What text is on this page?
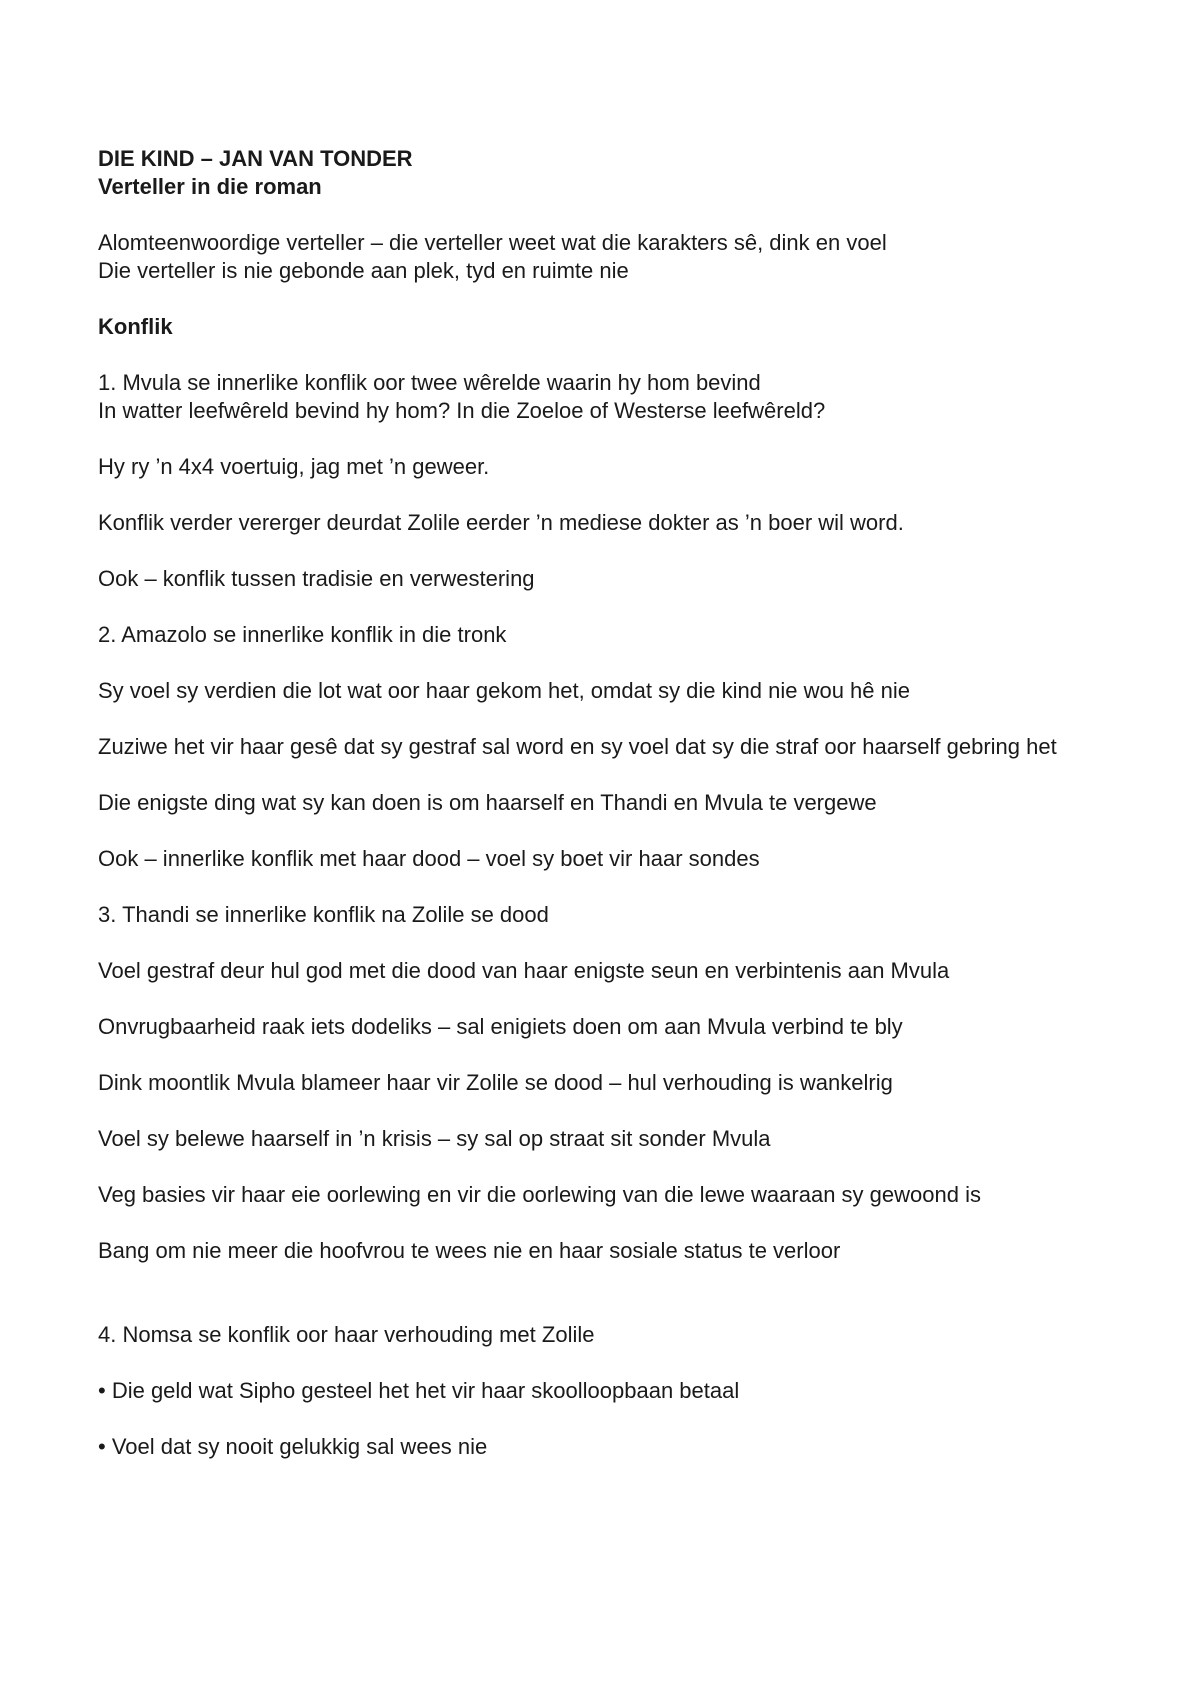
DIE KIND – JAN VAN TONDER

Verteller in die roman

Alomteenwoordige verteller – die verteller weet wat die karakters sê, dink en voel

Die verteller is nie gebonde aan plek, tyd en ruimte nie

Konflik

1. Mvula se innerlike konflik oor twee wêrelde waarin hy hom bevind

In watter leefwêreld bevind hy hom? In die Zoeloe of Westerse leefwêreld?

Hy ry ’n 4x4 voertuig, jag met ’n geweer.

Konflik verder vererger deurdat Zolile eerder ’n mediese dokter as ’n boer wil word.

Ook – konflik tussen tradisie en verwestering

2. Amazolo se innerlike konflik in die tronk

Sy voel sy verdien die lot wat oor haar gekom het, omdat sy die kind nie wou hê nie

Zuziwe het vir haar gesê dat sy gestraf sal word en sy voel dat sy die straf oor haarself gebring het

Die enigste ding wat sy kan doen is om haarself en Thandi en Mvula te vergewe

Ook – innerlike konflik met haar dood – voel sy boet vir haar sondes

3. Thandi se innerlike konflik na Zolile se dood

Voel gestraf deur hul god met die dood van haar enigste seun en verbintenis aan Mvula

Onvrugbaarheid raak iets dodeliks – sal enigiets doen om aan Mvula verbind te bly

Dink moontlik Mvula blameer haar vir Zolile se dood – hul verhouding is wankelrig

Voel sy belewe haarself in ’n krisis – sy sal op straat sit sonder Mvula

Veg basies vir haar eie oorlewing en vir die oorlewing van die lewe waaraan sy gewoond is

Bang om nie meer die hoofvrou te wees nie en haar sosiale status te verloor

4. Nomsa se konflik oor haar verhouding met Zolile

• Die geld wat Sipho gesteel het het vir haar skoolloopbaan betaal

• Voel dat sy nooit gelukkig sal wees nie
